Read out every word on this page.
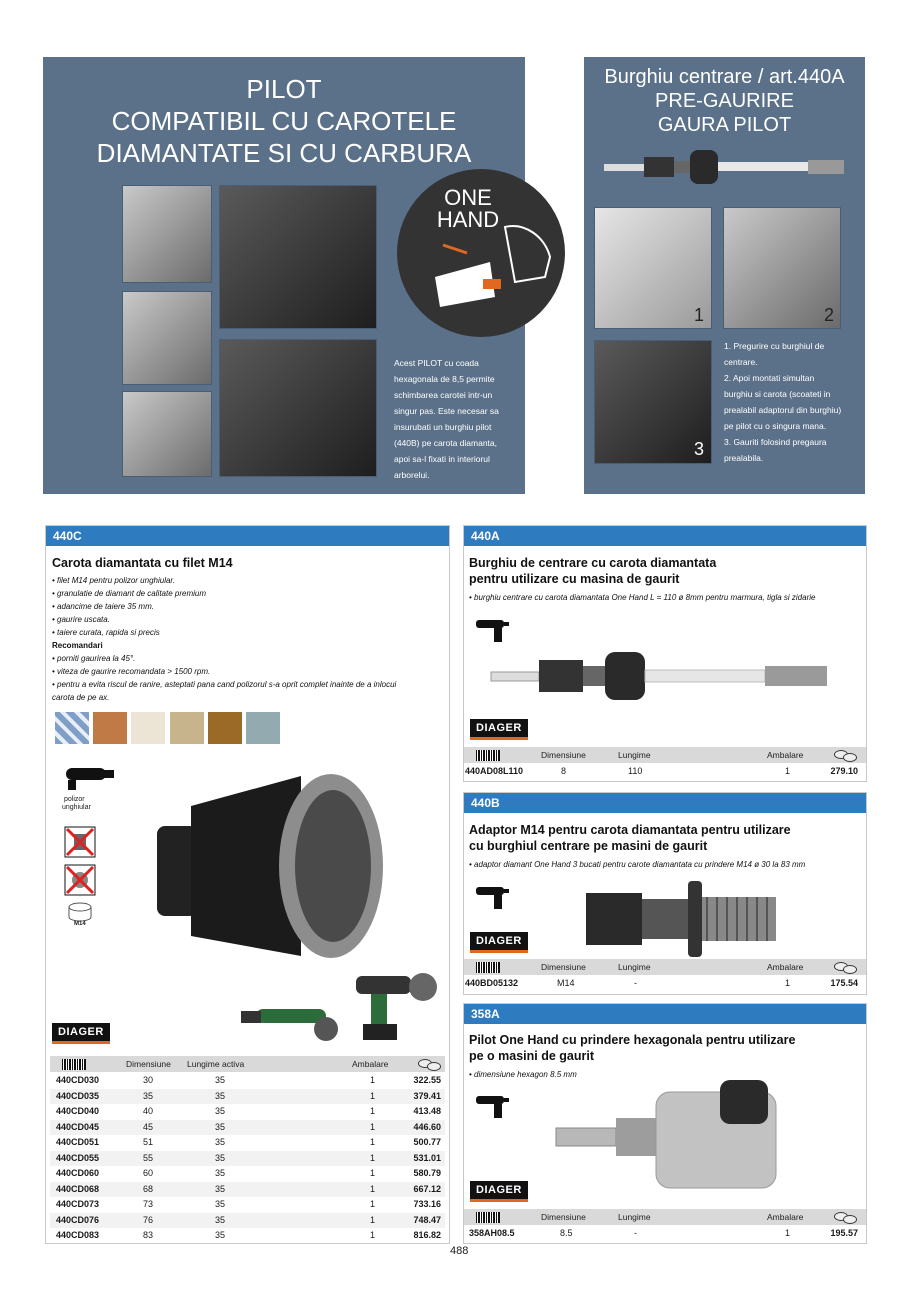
PILOT
COMPATIBIL CU CAROTELE
DIAMANTATE SI CU CARBURA
ONE
HAND
Acest PILOT cu coada
hexagonala de 8,5 permite
schimbarea carotei intr-un
singur pas. Este necesar sa
insurubati un burghiu pilot
(440B) pe carota diamanta,
apoi sa-l fixati in interiorul
arborelui.
Burghiu centrare / art.440A
PRE-GAURIRE
GAURA PILOT
1	2
3
1. Pregurire cu burghiul de
centrare.
2. Apoi montati simultan
burghiu si carota (scoateti in
prealabil adaptorul din burghiu)
pe pilot cu o singura mana.
3. Gauriti folosind pregaura
prealabila.
440C
Carota diamantata cu filet M14
• filet M14 pentru polizor unghiular.
• granulatie de diamant de calitate premium
• adancime de taiere 35 mm.
• gaurire uscata.
• taiere curata, rapida si precis
Recomandari
• porniti gaurirea la 45°.
• viteza de gaurire recomandata > 1500 rpm.
• pentru a evita riscul de ranire, asteptati pana cand polizorul s-a oprit complet inainte de a inlocui
carota de pe ax.
polizor
unghiular
M14
DIAGER
Dimensiune Lungime activa	Ambalare
440CD030	30	35	1	322.55
440CD035	35	35	1	379.41
440CD040	40	35	1	413.48
440CD045	45	35	1	446.60
440CD051	51	35	1	500.77
440CD055	55	35	1	531.01
440CD060	60	35	1	580.79
440CD068	68	35	1	667.12
440CD073	73	35	1	733.16
440CD076	76	35	1	748.47
440CD083	83	35	1	816.82
440A
Burghiu de centrare cu carota diamantata
pentru utilizare cu masina de gaurit
• burghiu centrare cu carota diamantata One Hand L = 110 ø 8mm pentru marmura, tigla si zidarie
DIAGER
Dimensiune	Lungime	Ambalare
440AD08L110	8	110	1	279.10
440B
Adaptor M14 pentru carota diamantata pentru utilizare
cu burghiul centrare pe masini de gaurit
• adaptor diamant One Hand 3 bucati pentru carote diamantata cu prindere M14 ø 30 la 83 mm
DIAGER
Dimensiune	Lungime	Ambalare
440BD05132	M14	-	1	175.54
358A
Pilot One Hand cu prindere hexagonala pentru utilizare
pe o masini de gaurit
• dimensiune hexagon 8.5 mm
DIAGER
Dimensiune	Lungime	Ambalare
358AH08.5	8.5	-	1	195.57
488
